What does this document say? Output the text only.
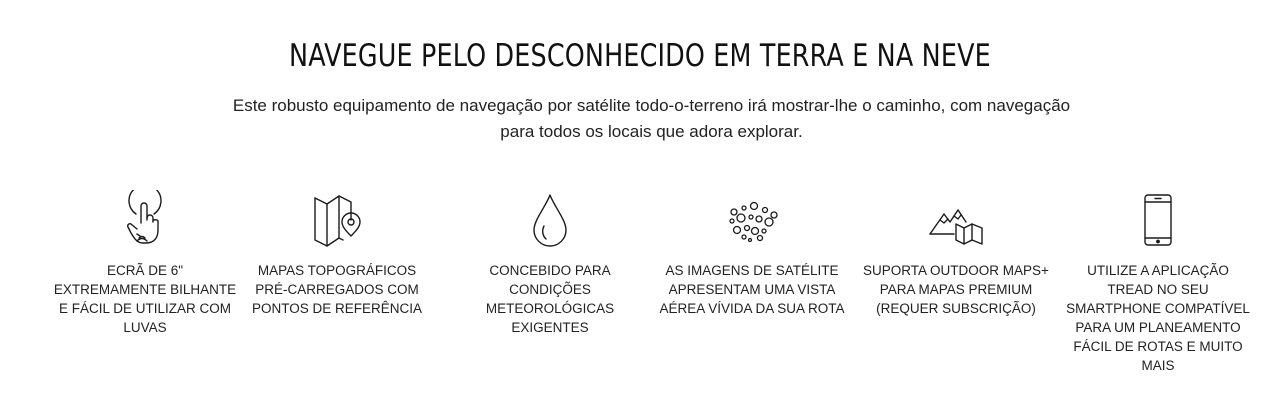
NAVEGUE PELO DESCONHECIDO EM TERRA E NA NEVE

Este robusto equipamento de navegação por satélite todo-o-terreno irá mostrar-lhe o caminho, com navegação
para todos os locais que adora explorar.

ECRÃ DE 6" EXTREMAMENTE BILHANTE E FÁCIL DE UTILIZAR COM LUVAS
MAPAS TOPOGRÁFICOS PRÉ-CARREGADOS COM PONTOS DE REFERÊNCIA
CONCEBIDO PARA CONDIÇÕES METEOROLÓGICAS EXIGENTES
AS IMAGENS DE SATÉLITE APRESENTAM UMA VISTA AÉREA VÍVIDA DA SUA ROTA
SUPORTA OUTDOOR MAPS+ PARA MAPAS PREMIUM (REQUER SUBSCRIÇÃO)
UTILIZE A APLICAÇÃO TREAD NO SEU SMARTPHONE COMPATÍVEL PARA UM PLANEAMENTO FÁCIL DE ROTAS E MUITO MAIS
